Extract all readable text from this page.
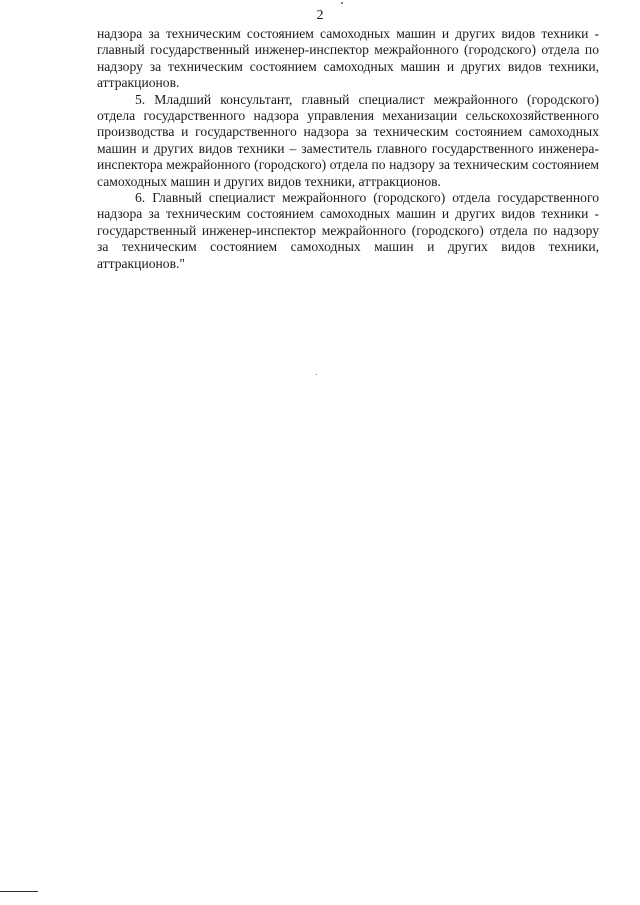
2

надзора за техническим состоянием самоходных машин и других видов техники - главный государственный инженер-инспектор межрайонного (городского) отдела по надзору за техническим состоянием самоходных машин и других видов техники, аттракционов.

5. Младший консультант, главный специалист межрайонного (городского) отдела государственного надзора управления механизации сельскохозяйственного производства и государственного надзора за техническим состоянием самоходных машин и других видов техники – заместитель главного государственного инженера-инспектора межрайонного (городского) отдела по надзору за техническим состоянием самоходных машин и других видов техники, аттракционов.

6. Главный специалист межрайонного (городского) отдела государственного надзора за техническим состоянием самоходных машин и других видов техники - государственный инженер-инспектор межрайонного (городского) отдела по надзору за техническим состоянием самоходных машин и других видов техники, аттракционов."
